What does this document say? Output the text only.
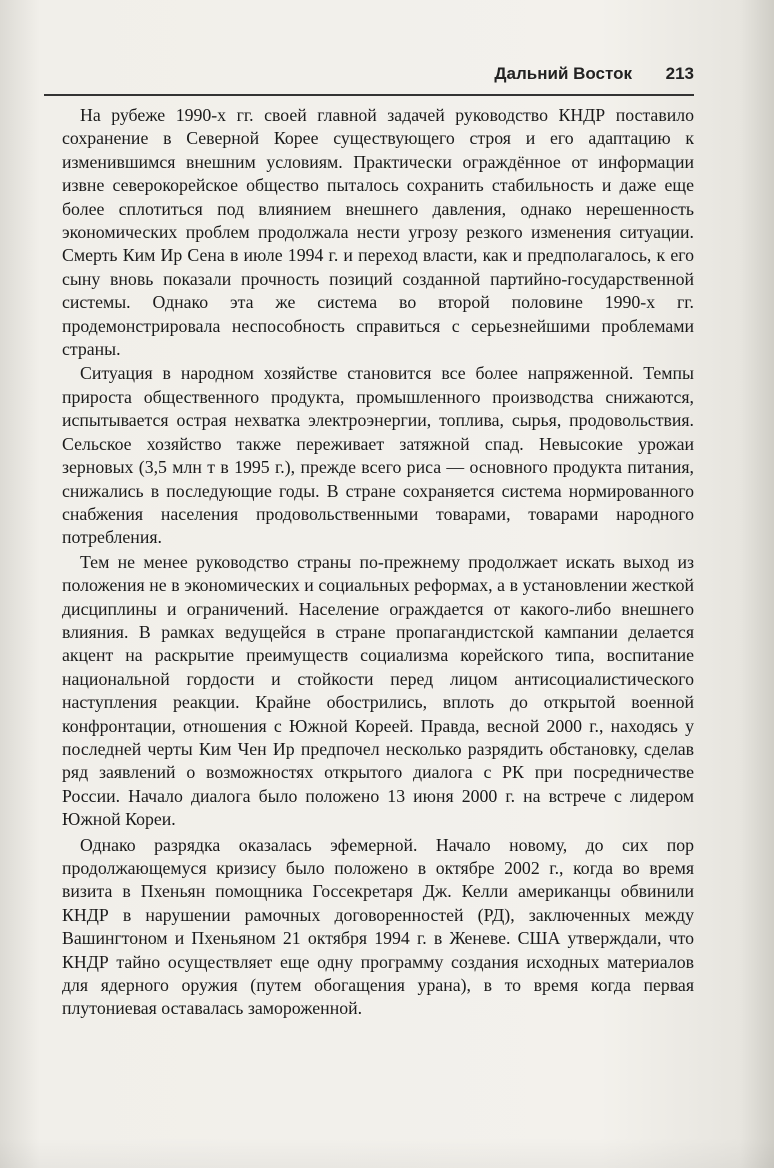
Дальний Восток 213

На рубеже 1990-х гг. своей главной задачей руководство КНДР поставило сохранение в Северной Корее существующего строя и его адаптацию к изменившимся внешним условиям. Практически ограждённое от информации извне северокорейское общество пыталось сохранить стабильность и даже еще более сплотиться под влиянием внешнего давления, однако нерешенность экономических проблем продолжала нести угрозу резкого изменения ситуации. Смерть Ким Ир Сена в июле 1994 г. и переход власти, как и предполагалось, к его сыну вновь показали прочность позиций созданной партийно-государственной системы. Однако эта же система во второй половине 1990-х гг. продемонстрировала неспособность справиться с серьезнейшими проблемами страны.

Ситуация в народном хозяйстве становится все более напряженной. Темпы прироста общественного продукта, промышленного производства снижаются, испытывается острая нехватка электроэнергии, топлива, сырья, продовольствия. Сельское хозяйство также переживает затяжной спад. Невысокие урожаи зерновых (3,5 млн т в 1995 г.), прежде всего риса — основного продукта питания, снижались в последующие годы. В стране сохраняется система нормированного снабжения населения продовольственными товарами, товарами народного потребления.

Тем не менее руководство страны по-прежнему продолжает искать выход из положения не в экономических и социальных реформах, а в установлении жесткой дисциплины и ограничений. Население ограждается от какого-либо внешнего влияния. В рамках ведущейся в стране пропагандистской кампании делается акцент на раскрытие преимуществ социализма корейского типа, воспитание национальной гордости и стойкости перед лицом антисоциалистического наступления реакции. Крайне обострились, вплоть до открытой военной конфронтации, отношения с Южной Кореей. Правда, весной 2000 г., находясь у последней черты Ким Чен Ир предпочел несколько разрядить обстановку, сделав ряд заявлений о возможностях открытого диалога с РК при посредничестве России. Начало диалога было положено 13 июня 2000 г. на встрече с лидером Южной Кореи.

Однако разрядка оказалась эфемерной. Начало новому, до сих пор продолжающемуся кризису было положено в октябре 2002 г., когда во время визита в Пхеньян помощника Госсекретаря Дж. Келли американцы обвинили КНДР в нарушении рамочных договоренностей (РД), заключенных между Вашингтоном и Пхеньяном 21 октября 1994 г. в Женеве. США утверждали, что КНДР тайно осуществляет еще одну программу создания исходных материалов для ядерного оружия (путем обогащения урана), в то время когда первая плутониевая оставалась замороженной.
